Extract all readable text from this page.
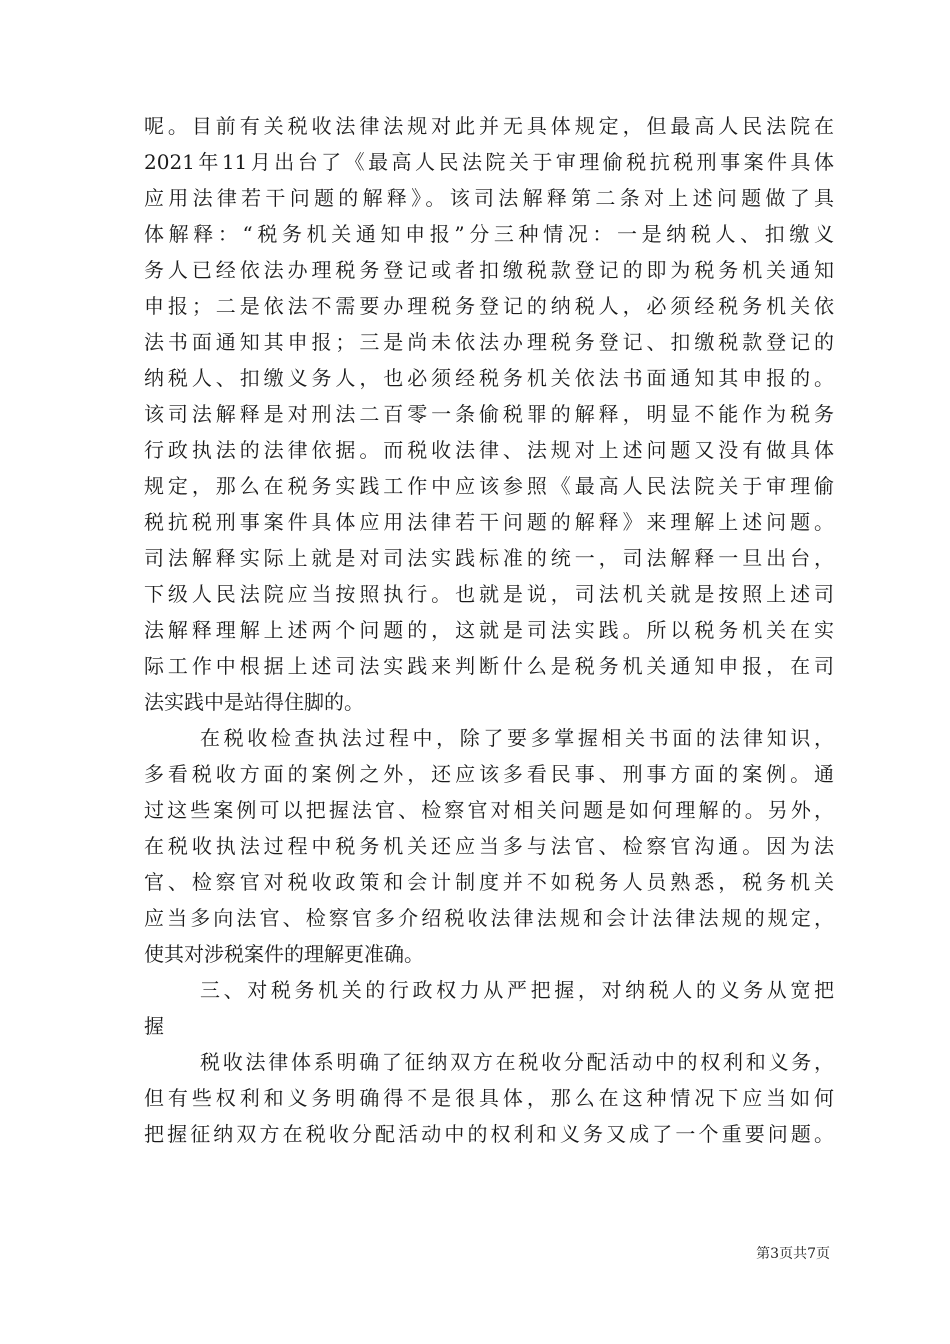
呢。目前有关税收法律法规对此并无具体规定，但最高人民法院在
2021年11月出台了《最高人民法院关于审理偷税抗税刑事案件具体
应用法律若干问题的解释》。该司法解释第二条对上述问题做了具
体解释：“税务机关通知申报”分三种情况：一是纳税人、扣缴义
务人已经依法办理税务登记或者扣缴税款登记的即为税务机关通知
申报；二是依法不需要办理税务登记的纳税人，必须经税务机关依
法书面通知其申报；三是尚未依法办理税务登记、扣缴税款登记的
纳税人、扣缴义务人，也必须经税务机关依法书面通知其申报的。
该司法解释是对刑法二百零一条偷税罪的解释，明显不能作为税务
行政执法的法律依据。而税收法律、法规对上述问题又没有做具体
规定，那么在税务实践工作中应该参照《最高人民法院关于审理偷
税抗税刑事案件具体应用法律若干问题的解释》来理解上述问题。
司法解释实际上就是对司法实践标准的统一，司法解释一旦出台，
下级人民法院应当按照执行。也就是说，司法机关就是按照上述司
法解释理解上述两个问题的，这就是司法实践。所以税务机关在实
际工作中根据上述司法实践来判断什么是税务机关通知申报，在司
法实践中是站得住脚的。
在税收检查执法过程中，除了要多掌握相关书面的法律知识，
多看税收方面的案例之外，还应该多看民事、刑事方面的案例。通
过这些案例可以把握法官、检察官对相关问题是如何理解的。另外，
在税收执法过程中税务机关还应当多与法官、检察官沟通。因为法
官、检察官对税收政策和会计制度并不如税务人员熟悉，税务机关
应当多向法官、检察官多介绍税收法律法规和会计法律法规的规定，
使其对涉税案件的理解更准确。
三、对税务机关的行政权力从严把握，对纳税人的义务从宽把
握
税收法律体系明确了征纳双方在税收分配活动中的权利和义务，
但有些权利和义务明确得不是很具体，那么在这种情况下应当如何
把握征纳双方在税收分配活动中的权利和义务又成了一个重要问题。
第3页共7页
